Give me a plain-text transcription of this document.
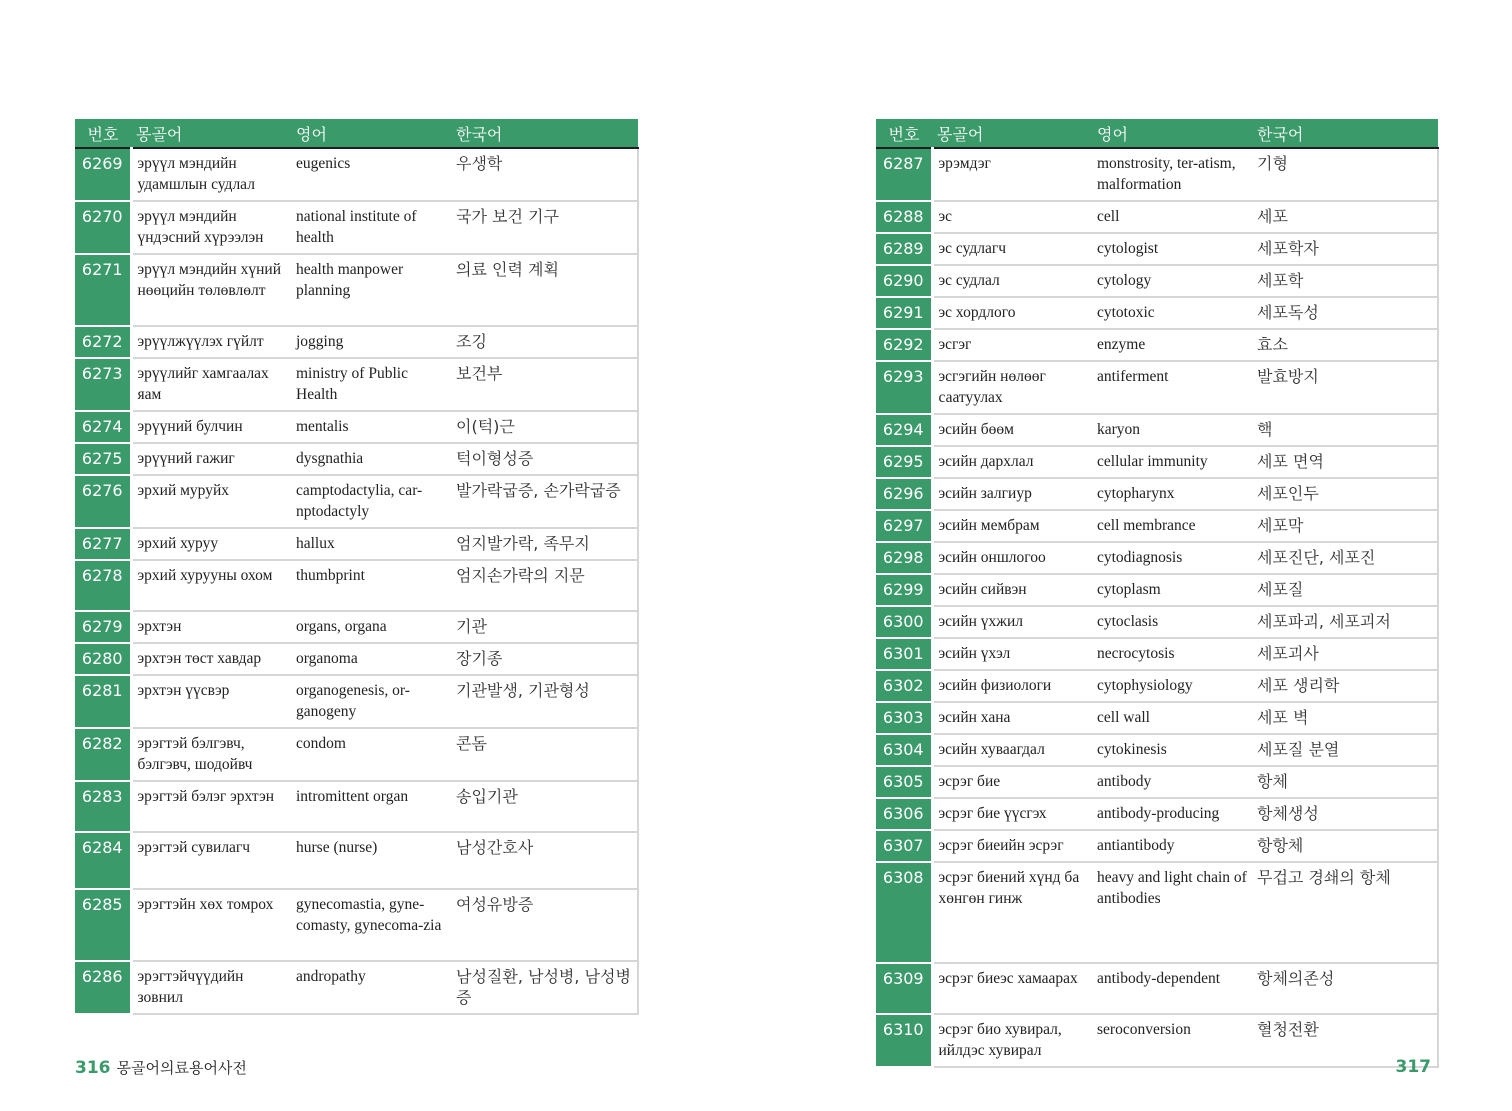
번호	몽골어	영어	한국어
6269	эрүүл мэндийн удамшлын судлал	eugenics	우생학
6270	эрүүл мэндийн үндэсний хүрээлэн	national institute of health	국가 보건 기구
6271	эрүүл мэндийн хүний нөөцийн төлөвлөлт	health manpower planning	의료 인력 계획
6272	эрүүлжүүлэх гүйлт	jogging	조깅
6273	эрүүлийг хамгаалах яам	ministry of Public Health	보건부
6274	эрүүний булчин	mentalis	이(턱)근
6275	эрүүний гажиг	dysgnathia	턱이형성증
6276	эрхий муруйх	camptodactylia, car-nptodactyly	발가락굽증, 손가락굽증
6277	эрхий хуруу	hallux	엄지발가락, 족무지
6278	эрхий хурууны охом	thumbprint	엄지손가락의 지문
6279	эрхтэн	organs, organa	기관
6280	эрхтэн төст хавдар	organoma	장기종
6281	эрхтэн үүсвэр	organogenesis, or-ganogeny	기관발생, 기관형성
6282	эрэгтэй бэлгэвч, бэлгэвч, шодойвч	condom	콘돔
6283	эрэгтэй бэлэг эрхтэн	intromittent organ	송입기관
6284	эрэгтэй сувилагч	hurse (nurse)	남성간호사
6285	эрэгтэйн хөх томрох	gynecomastia, gyne-comasty, gynecoma-zia	여성유방증
6286	эрэгтэйчүүдийн зовнил	andropathy	남성질환, 남성병, 남성병증
번호	몽골어	영어	한국어
6287	эрэмдэг	monstrosity, ter-atism, malformation	기형
6288	эс	cell	세포
6289	эс судлагч	cytologist	세포학자
6290	эс судлал	cytology	세포학
6291	эс хордлого	cytotoxic	세포독성
6292	эсгэг	enzyme	효소
6293	эсгэгийн нөлөөг саатуулах	antiferment	발효방지
6294	эсийн бөөм	karyon	핵
6295	эсийн дархлал	cellular immunity	세포 면역
6296	эсийн залгиур	cytopharynx	세포인두
6297	эсийн мембрам	cell membrance	세포막
6298	эсийн оншлогоо	cytodiagnosis	세포진단, 세포진
6299	эсийн сийвэн	cytoplasm	세포질
6300	эсийн үхжил	cytoclasis	세포파괴, 세포괴저
6301	эсийн үхэл	necrocytosis	세포괴사
6302	эсийн физиологи	cytophysiology	세포 생리학
6303	эсийн хана	cell wall	세포 벽
6304	эсийн хуваагдал	cytokinesis	세포질 분열
6305	эсрэг бие	antibody	항체
6306	эсрэг бие үүсгэх	antibody-producing	항체생성
6307	эсрэг биеийн эсрэг	antiantibody	항항체
6308	эсрэг биений хүнд ба хөнгөн гинж	heavy and light chain of antibodies	무겁고 경쇄의 항체
6309	эсрэг биеэс хамаарах	antibody-dependent	항체의존성
6310	эсрэг био хувирал, ийлдэс хувирал	seroconversion	혈청전환
316 몽골어의료용어사전	317
